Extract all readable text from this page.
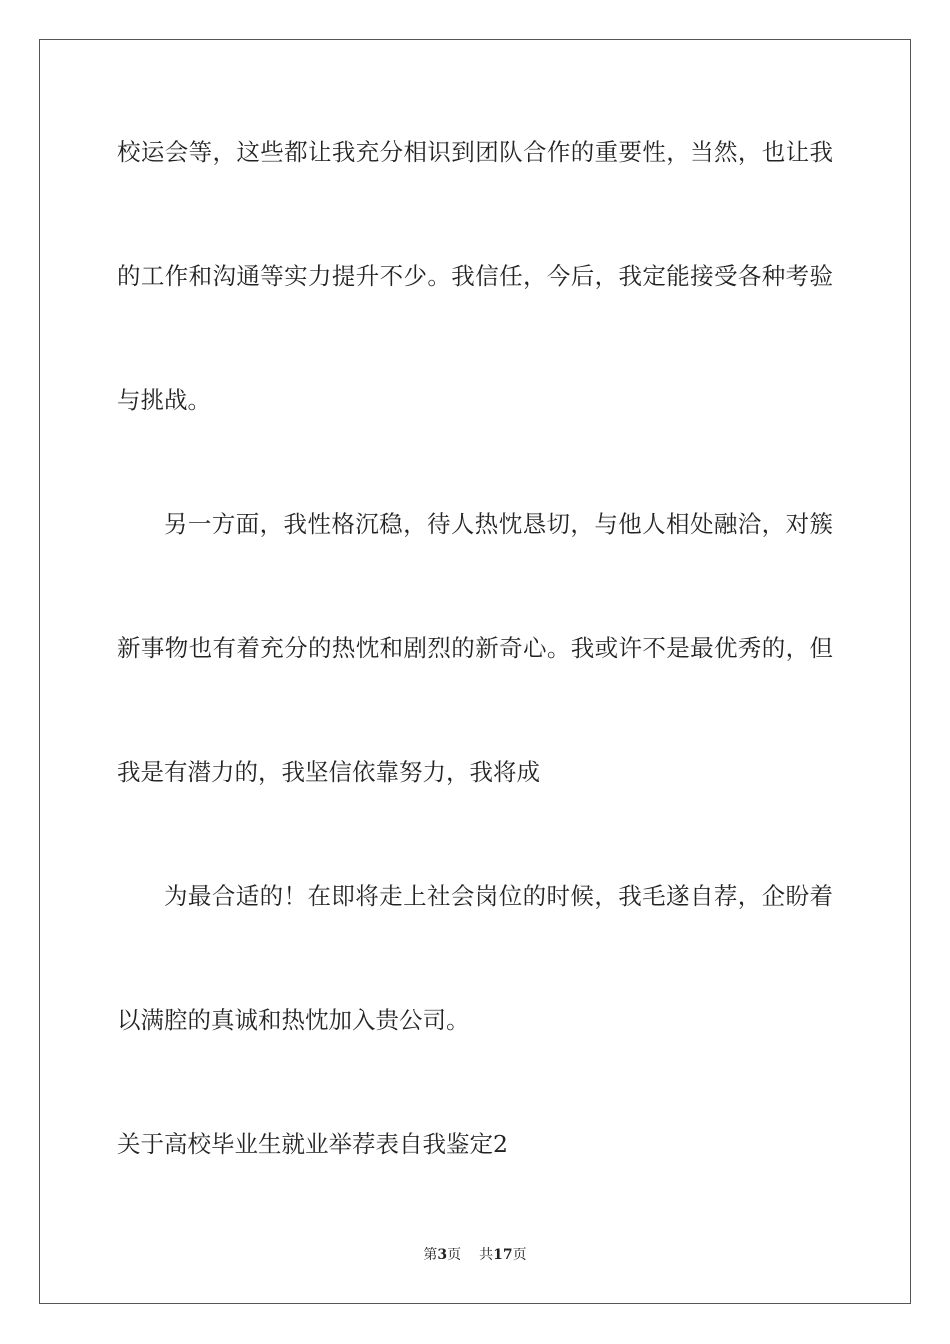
校运会等，这些都让我充分相识到团队合作的重要性，当然，也让我

的工作和沟通等实力提升不少。我信任，今后，我定能接受各种考验

与挑战。

另一方面，我性格沉稳，待人热忱恳切，与他人相处融洽，对簇

新事物也有着充分的热忱和剧烈的新奇心。我或许不是最优秀的，但

我是有潜力的，我坚信依靠努力，我将成

为最合适的！在即将走上社会岗位的时候，我毛遂自荐，企盼着

以满腔的真诚和热忱加入贵公司。

关于高校毕业生就业举荐表自我鉴定2

第3页 共17页
